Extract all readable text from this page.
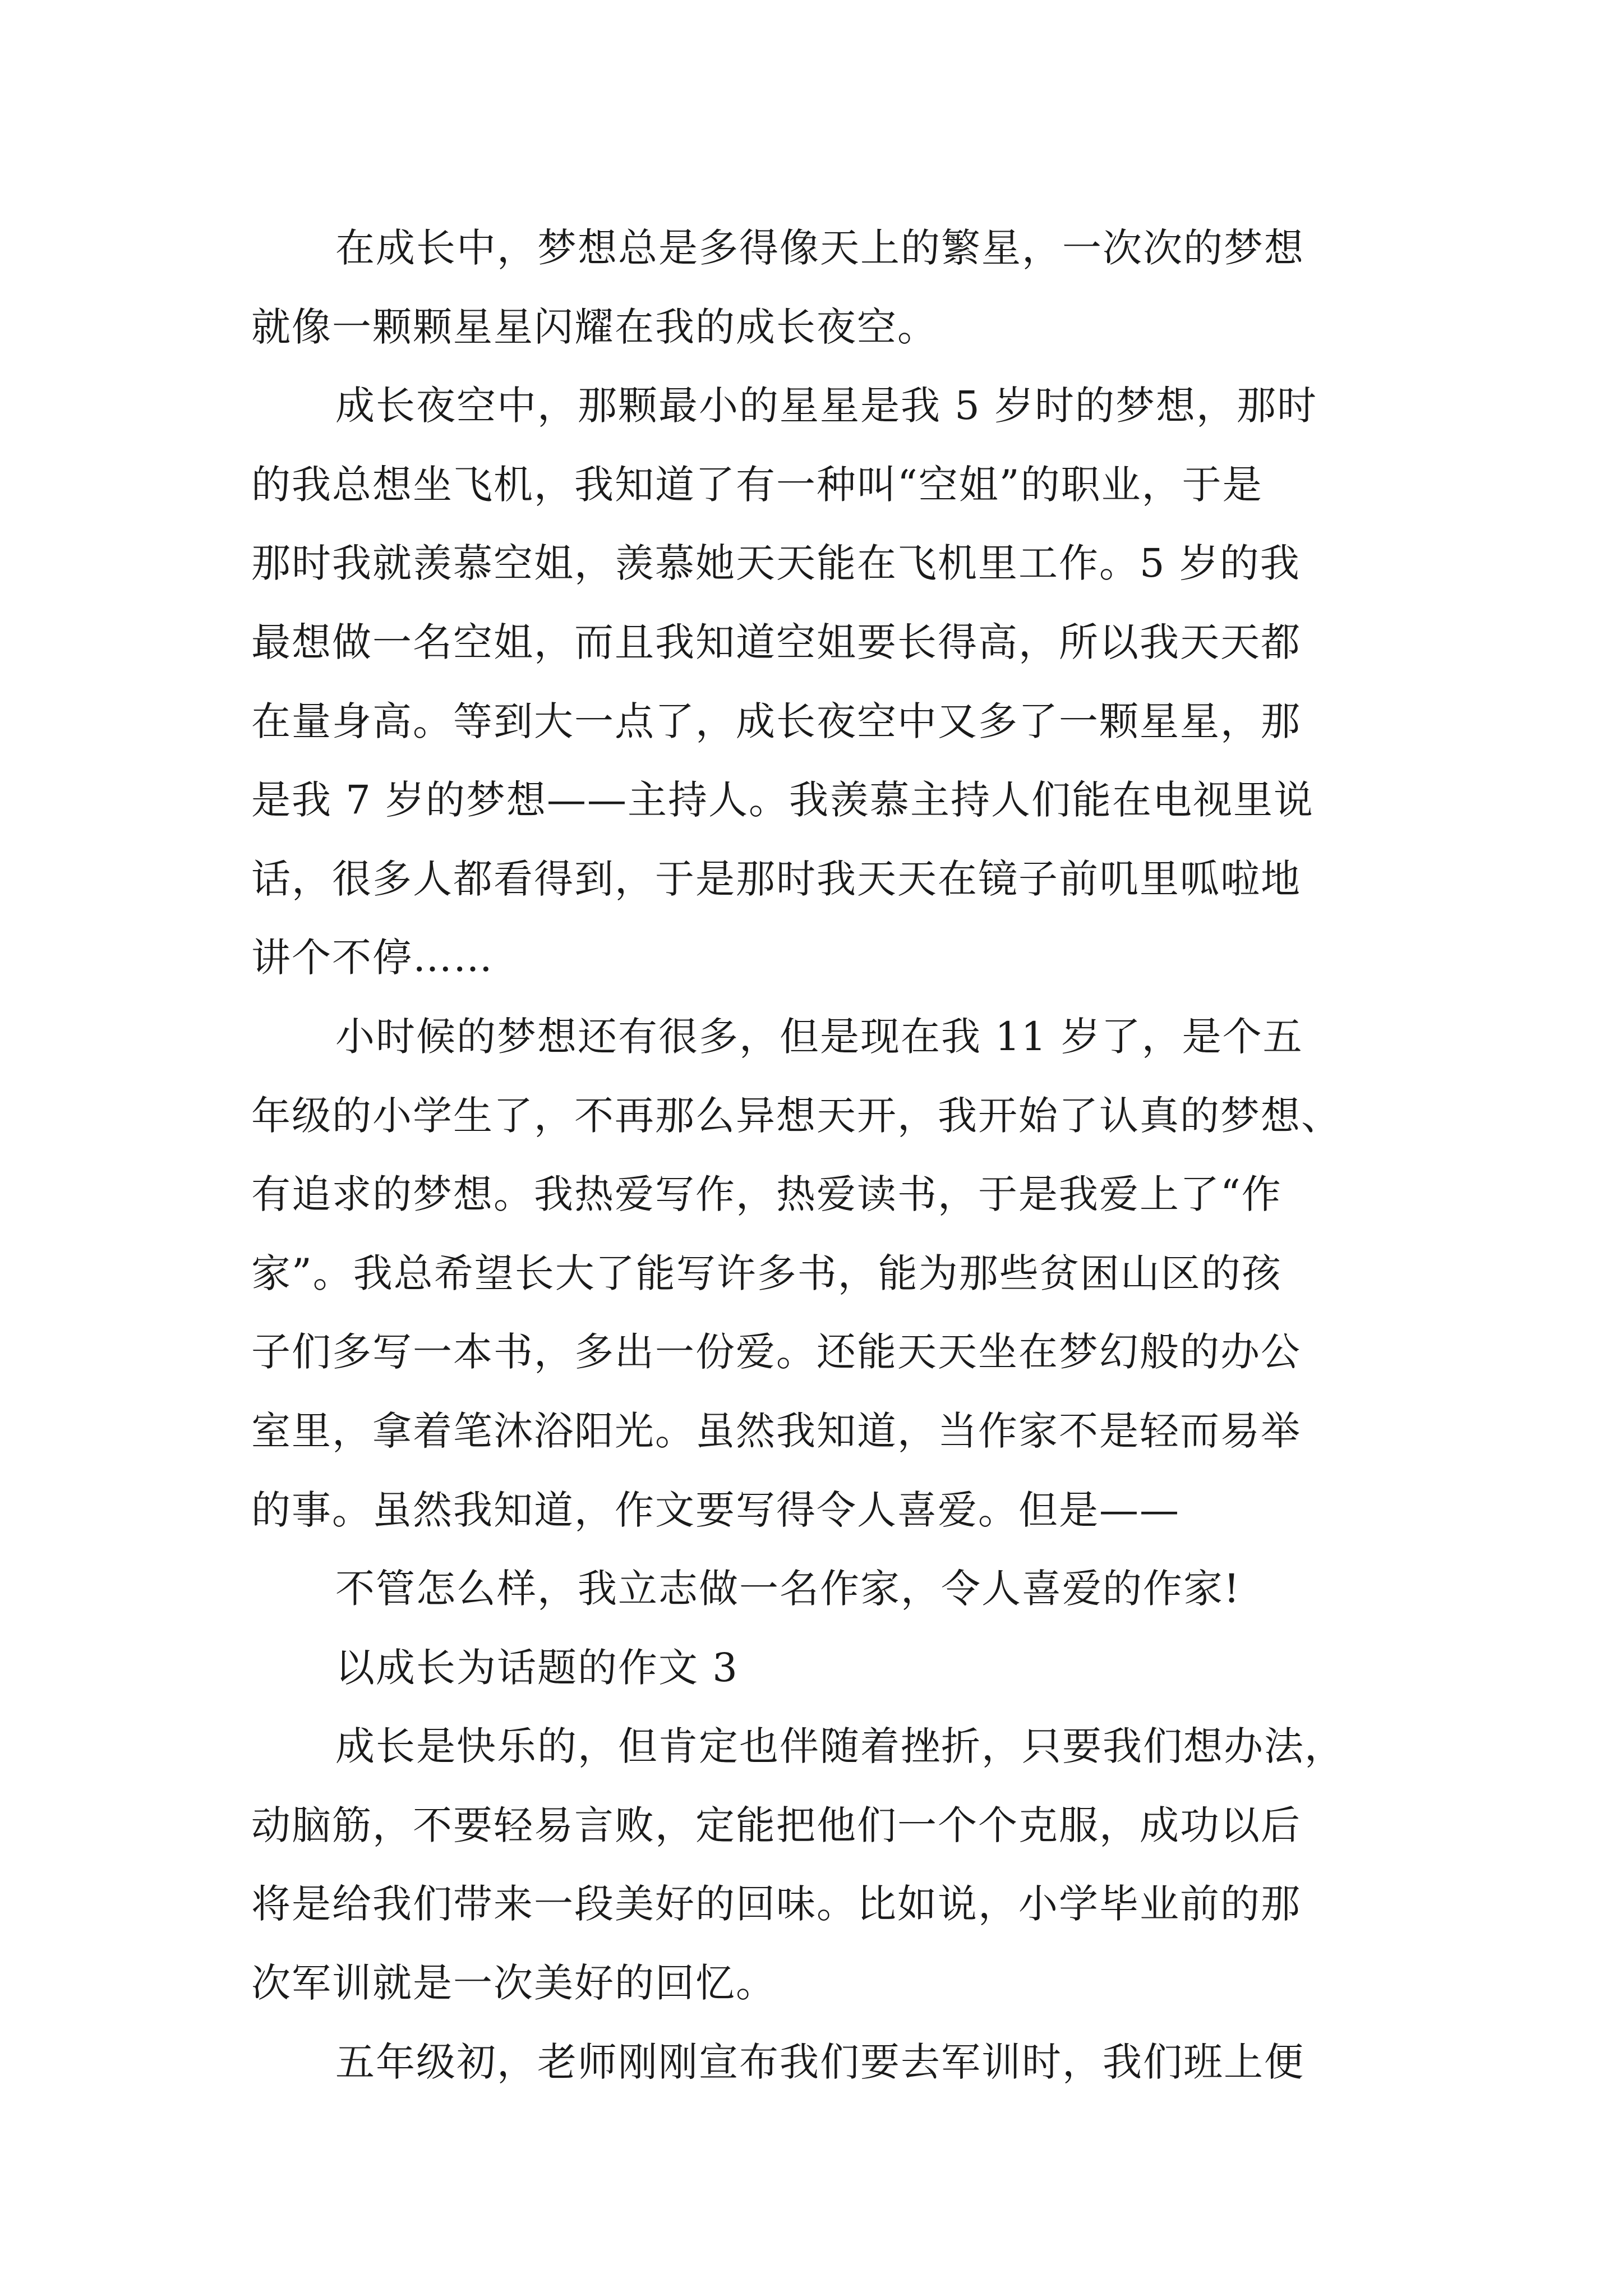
在成长中，梦想总是多得像天上的繁星，一次次的梦想
就像一颗颗星星闪耀在我的成长夜空。

成长夜空中，那颗最小的星星是我 5 岁时的梦想，那时
的我总想坐飞机，我知道了有一种叫“空姐”的职业，于是
那时我就羡慕空姐，羡慕她天天能在飞机里工作。5 岁的我
最想做一名空姐，而且我知道空姐要长得高，所以我天天都
在量身高。等到大一点了，成长夜空中又多了一颗星星，那
是我 7 岁的梦想——主持人。我羡慕主持人们能在电视里说
话，很多人都看得到，于是那时我天天在镜子前叽里呱啦地
讲个不停……

小时候的梦想还有很多，但是现在我 11 岁了，是个五
年级的小学生了，不再那么异想天开，我开始了认真的梦想、
有追求的梦想。我热爱写作，热爱读书，于是我爱上了“作
家”。我总希望长大了能写许多书，能为那些贫困山区的孩
子们多写一本书，多出一份爱。还能天天坐在梦幻般的办公
室里，拿着笔沐浴阳光。虽然我知道，当作家不是轻而易举
的事。虽然我知道，作文要写得令人喜爱。但是——

不管怎么样，我立志做一名作家，令人喜爱的作家!

以成长为话题的作文 3

成长是快乐的，但肯定也伴随着挫折，只要我们想办法，
动脑筋，不要轻易言败，定能把他们一个个克服，成功以后
将是给我们带来一段美好的回味。比如说，小学毕业前的那
次军训就是一次美好的回忆。

五年级初，老师刚刚宣布我们要去军训时，我们班上便
